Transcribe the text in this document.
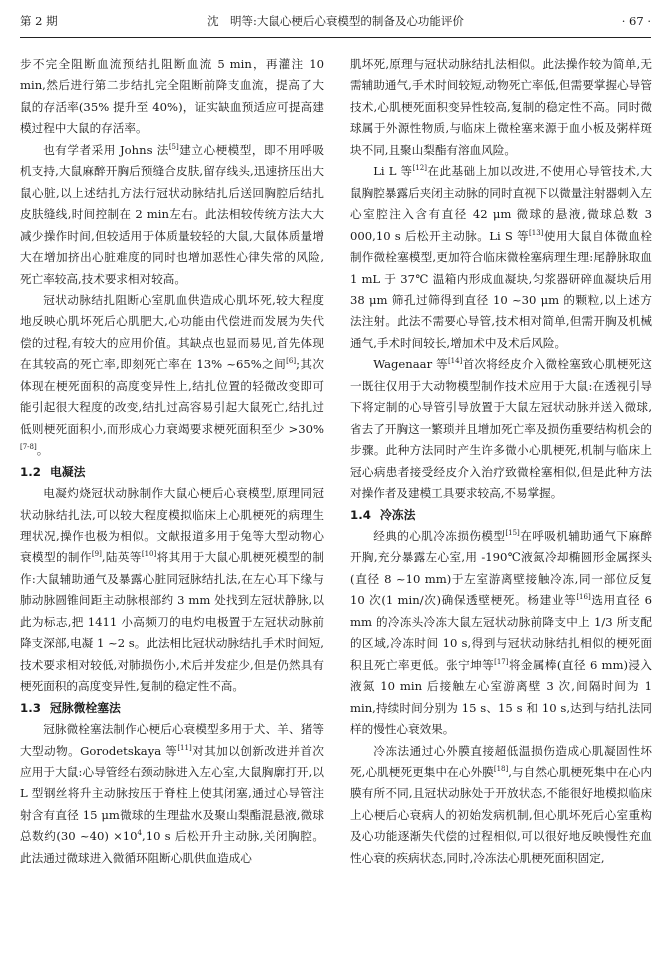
第 2 期	沈　明等:大鼠心梗后心衰模型的制备及心功能评价	· 67 ·

步不完全阻断血流预结扎阻断血流 5 min，再灌注 10 min,然后进行第二步结扎完全阻断前降支血流，提高了大鼠的存活率(35% 提升至 40%)，证实缺血预适应可提高建模过程中大鼠的存活率。

也有学者采用 Johns 法[5]建立心梗模型，即不用呼吸机支持,大鼠麻醉开胸后预缝合皮肤,留存线头,迅速挤压出大鼠心脏,以上述结扎方法行冠状动脉结扎后送回胸腔后结扎皮肤缝线,时间控制在 2 min左右。此法相较传统方法大大减少操作时间,但较适用于体质量较轻的大鼠,大鼠体质量增大在增加挤出心脏难度的同时也增加恶性心律失常的风险,死亡率较高,技术要求相对较高。

冠状动脉结扎阻断心室肌血供造成心肌坏死,较大程度地反映心肌坏死后心肌肥大,心功能由代偿进而发展为失代偿的过程,有较大的应用价值。其缺点也显而易见,首先体现在其较高的死亡率,即刻死亡率在 13% ~65%之间[6];其次体现在梗死面积的高度变异性上,结扎位置的轻微改变即可能引起很大程度的改变,结扎过高容易引起大鼠死亡,结扎过低则梗死面积小,而形成心力衰竭要求梗死面积至少 >30%[7-8]。

1.2 电凝法

电凝灼烧冠状动脉制作大鼠心梗后心衰模型,原理同冠状动脉结扎法,可以较大程度模拟临床上心肌梗死的病理生理状况,操作也极为相似。文献报道多用于兔等大型动物心衰模型的制作[9],陆英等[10]将其用于大鼠心肌梗死模型的制作:大鼠辅助通气及暴露心脏同冠脉结扎法,在左心耳下缘与肺动脉圆锥间距主动脉根部约 3 mm 处找到左冠状静脉,以此为标志,把 1411 小高频刀的电灼电极置于左冠状动脉前降支深部,电凝 1 ~2 s。此法相比冠状动脉结扎手术时间短,技术要求相对较低,对肺损伤小,术后并发症少,但是仍然具有梗死面积的高度变异性,复制的稳定性不高。

1.3 冠脉微栓塞法

冠脉微栓塞法制作心梗后心衰模型多用于犬、羊、猪等大型动物。Gorodetskaya 等[11]对其加以创新改进并首次应用于大鼠:心导管经右颈动脉进入左心室,大鼠胸廓打开,以 L 型钢丝将升主动脉按压于脊柱上使其闭塞,通过心导管注射含有直径 15 μm微球的生理盐水及聚山梨酯混悬液,微球总数约(30 ~40) $\times 10^4,10$ s 后松开升主动脉,关闭胸腔。此法通过微球进入微循环阻断心肌供血造成心

肌坏死,原理与冠状动脉结扎法相似。此法操作较为简单,无需辅助通气,手术时间较短,动物死亡率低,但需要掌握心导管技术,心肌梗死面积变异性较高,复制的稳定性不高。同时微球属于外源性物质,与临床上微栓塞来源于血小板及粥样斑块不同,且聚山梨酯有溶血风险。

Li L 等[12]在此基础上加以改进,不使用心导管技术,大鼠胸腔暴露后夹闭主动脉的同时直视下以微量注射器刺入左心室腔注入含有直径 42 μm 微球的悬液,微球总数 3 000,10 s 后松开主动脉。Li S 等[13]使用大鼠自体微血栓制作微栓塞模型,更加符合临床微栓塞病理生理:尾静脉取血 1 mL 于 37℃ 温箱内形成血凝块,匀浆器研碎血凝块后用 38 μm 筛孔过筛得到直径 10 ~30 μm 的颗粒,以上述方法注射。此法不需要心导管,技术相对简单,但需开胸及机械通气,手术时间较长,增加术中及术后风险。

Wagenaar 等[14]首次将经皮介入微栓塞致心肌梗死这一既往仅用于大动物模型制作技术应用于大鼠:在透视引导下将定制的心导管引导放置于大鼠左冠状动脉并送入微球,省去了开胸这一繁琐并且增加死亡率及损伤重要结构机会的步骤。此种方法同时产生许多微小心肌梗死,机制与临床上冠心病患者接受经皮介入治疗致微栓塞相似,但是此种方法对操作者及建模工具要求较高,不易掌握。

1.4 冷冻法

经典的心肌冷冻损伤模型[15]在呼吸机辅助通气下麻醉开胸,充分暴露左心室,用 -190℃液氮冷却椭圆形金属探头(直径 8 ~10 mm)于左室游离壁接触冷冻,同一部位反复 10 次(1 min/次)确保透壁梗死。杨建业等[16]选用直径 6 mm 的冷冻头冷冻大鼠左冠状动脉前降支中上 1/3 所支配的区域,冷冻时间 10 s,得到与冠状动脉结扎相似的梗死面积且死亡率更低。张宁坤等[17]将金属棒(直径 6 mm)浸入液氮 10 min 后接触左心室游离壁 3 次,间隔时间为 1 min,持续时间分别为 15 s、15 s 和 10 s,达到与结扎法同样的慢性心衰效果。

冷冻法通过心外膜直接超低温损伤造成心肌凝固性坏死,心肌梗死更集中在心外膜[18],与自然心肌梗死集中在心内膜有所不同,且冠状动脉处于开放状态,不能很好地模拟临床上心梗后心衰病人的初始发病机制,但心肌坏死后心室重构及心功能逐渐失代偿的过程相似,可以很好地反映慢性充血性心衰的疾病状态,同时,冷冻法心肌梗死面积固定,
